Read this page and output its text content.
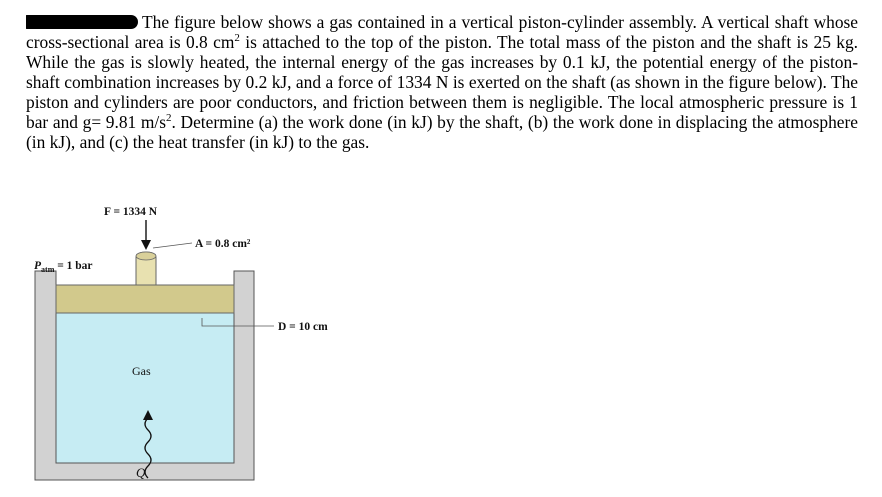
The figure below shows a gas contained in a vertical piston-cylinder assembly. A vertical shaft whose cross-sectional area is 0.8 $cm^2$ is attached to the top of the piston. The total mass of the piston and the shaft is 25 kg. While the gas is slowly heated, the internal energy of the gas increases by 0.1 kJ, the potential energy of the piston-shaft combination increases by 0.2 kJ, and a force of 1334 N is exerted on the shaft (as shown in the figure below). The piston and cylinders are poor conductors, and friction between them is negligible. The local atmospheric pressure is 1 bar and g= 9.81 $m/s^2$. Determine (a) the work done (in kJ) by the shaft, (b) the work done in displacing the atmosphere (in kJ), and (c) the heat transfer (in kJ) to the gas.

F = 1334 N
A = 0.8 cm²
$P_{atm} = 1$ bar
D = 10 cm
Gas
Q
